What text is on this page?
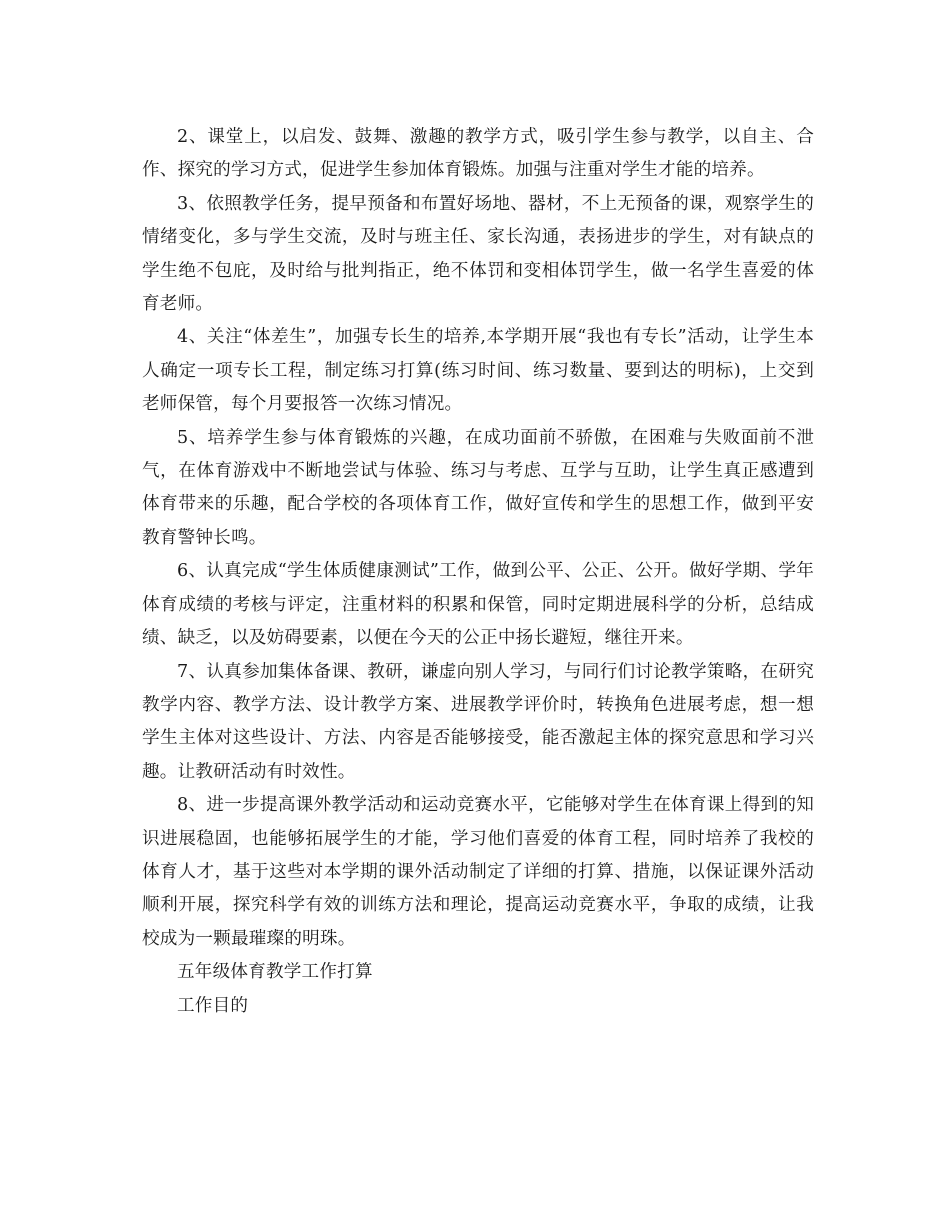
2、课堂上，以启发、鼓舞、激趣的教学方式，吸引学生参与教学，以自主、合作、探究的学习方式，促进学生参加体育锻炼。加强与注重对学生才能的培养。

3、依照教学任务，提早预备和布置好场地、器材，不上无预备的课，观察学生的情绪变化，多与学生交流，及时与班主任、家长沟通，表扬进步的学生，对有缺点的学生绝不包庇，及时给与批判指正，绝不体罚和变相体罚学生，做一名学生喜爱的体育老师。

4、关注“体差生”，加强专长生的培养,本学期开展“我也有专长”活动，让学生本人确定一项专长工程，制定练习打算(练习时间、练习数量、要到达的明标)，上交到老师保管，每个月要报答一次练习情况。

5、培养学生参与体育锻炼的兴趣，在成功面前不骄傲，在困难与失败面前不泄气，在体育游戏中不断地尝试与体验、练习与考虑、互学与互助，让学生真正感遭到体育带来的乐趣，配合学校的各项体育工作，做好宣传和学生的思想工作，做到平安教育警钟长鸣。

6、认真完成“学生体质健康测试”工作，做到公平、公正、公开。做好学期、学年体育成绩的考核与评定，注重材料的积累和保管，同时定期进展科学的分析，总结成绩、缺乏，以及妨碍要素，以便在今天的公正中扬长避短，继往开来。

7、认真参加集体备课、教研，谦虚向别人学习，与同行们讨论教学策略，在研究教学内容、教学方法、设计教学方案、进展教学评价时，转换角色进展考虑，想一想学生主体对这些设计、方法、内容是否能够接受，能否激起主体的探究意思和学习兴趣。让教研活动有时效性。

8、进一步提高课外教学活动和运动竞赛水平，它能够对学生在体育课上得到的知识进展稳固，也能够拓展学生的才能，学习他们喜爱的体育工程，同时培养了我校的体育人才，基于这些对本学期的课外活动制定了详细的打算、措施，以保证课外活动顺利开展，探究科学有效的训练方法和理论，提高运动竞赛水平，争取的成绩，让我校成为一颗最璀璨的明珠。

五年级体育教学工作打算

工作目的
